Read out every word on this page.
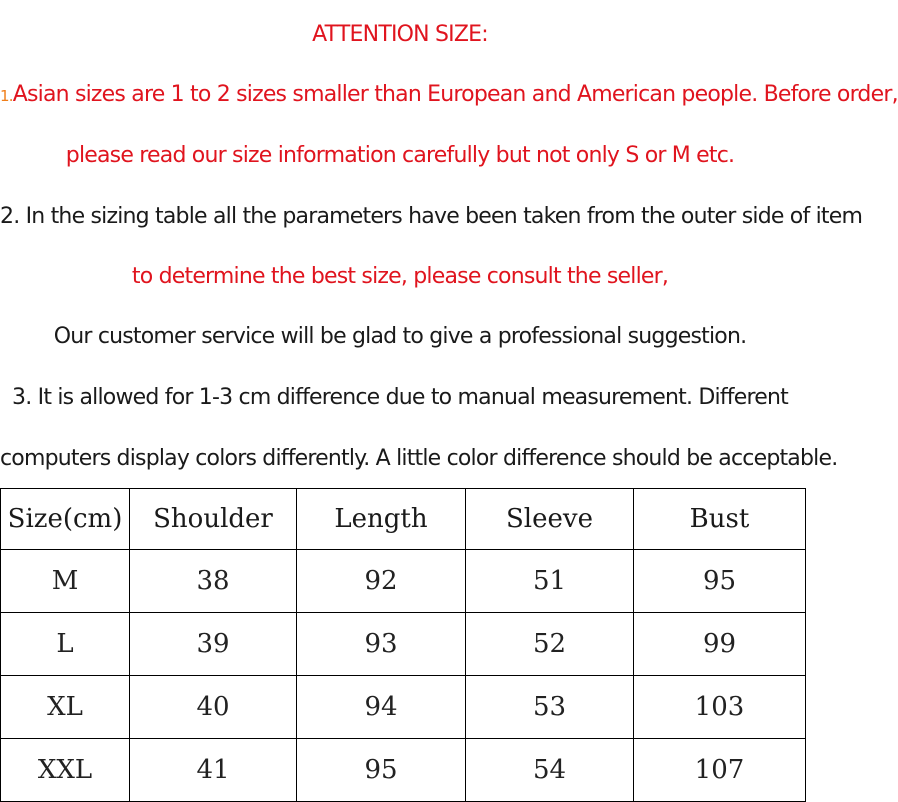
ATTENTION SIZE:
1.Asian sizes are 1 to 2 sizes smaller than European and American people. Before order,
please read our size information carefully but not only S or M etc.
2. In the sizing table all the parameters have been taken from the outer side of item
to determine the best size, please consult the seller,
Our customer service will be glad to give a professional suggestion.
3. It is allowed for 1-3 cm difference due to manual measurement. Different
computers display colors differently. A little color difference should be acceptable.
Size(cm)	Shoulder	Length	Sleeve	Bust
M	38	92	51	95
L	39	93	52	99
XL	40	94	53	103
XXL	41	95	54	107
